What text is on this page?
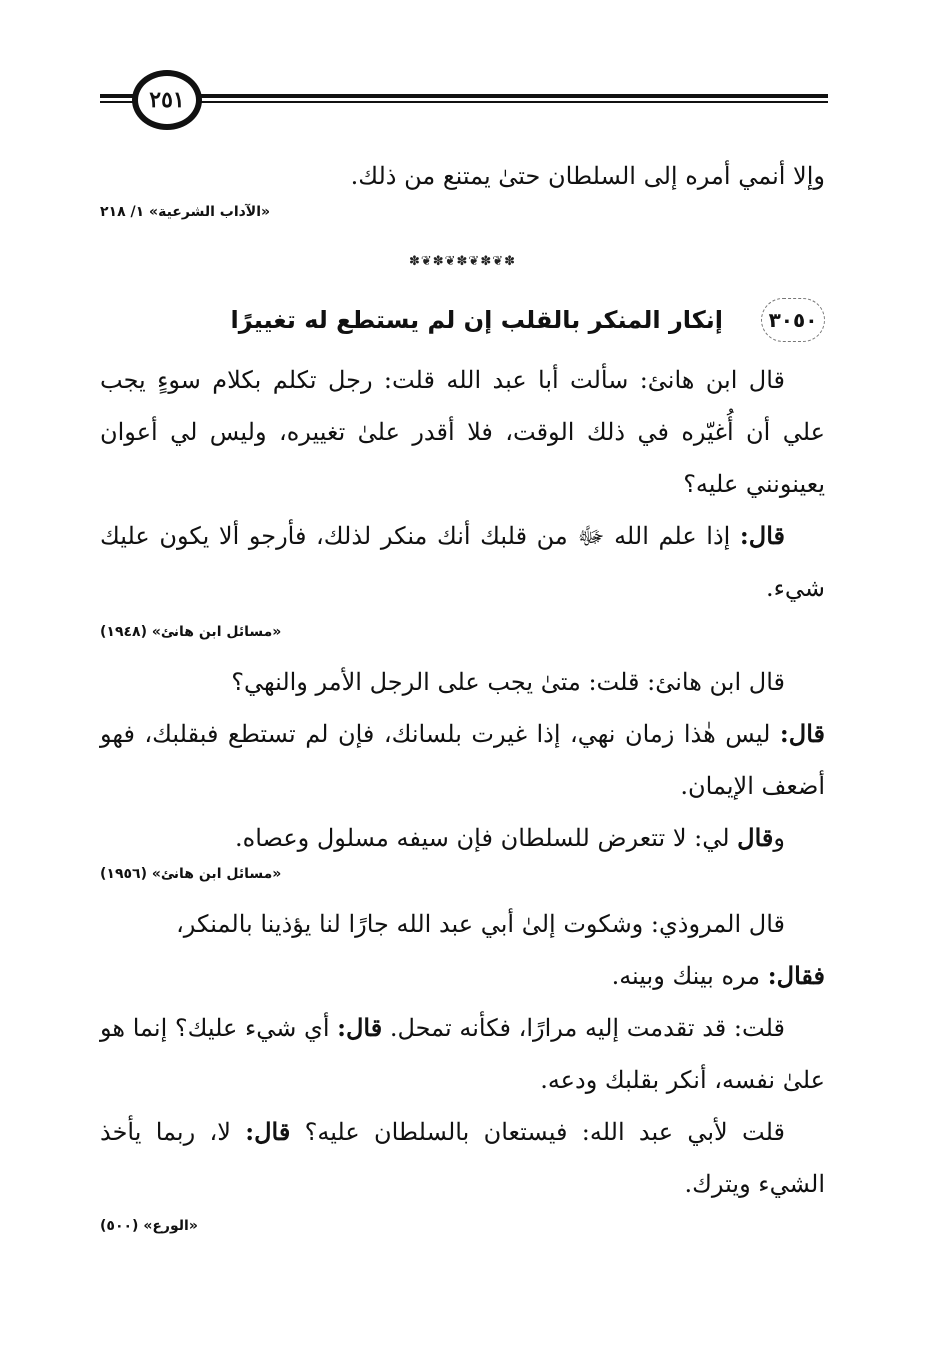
٢٥١

وإلا أنمي أمره إلى السلطان حتىٰ يمتنع من ذلك.

«الآداب الشرعية» ١/ ٢١٨
✽❦✽❦✽❦✽❦✽
٣٠٥٠
إنكار المنكر بالقلب إن لم يستطع له تغييرًا

قال ابن هانئ: سألت أبا عبد الله قلت: رجل تكلم بكلام سوءٍ يجب علي أن أُغيّره في ذلك الوقت، فلا أقدر علىٰ تغييره، وليس لي أعوان يعينونني عليه؟

قال: إذا علم الله ﷻ من قلبك أنك منكر لذلك، فأرجو ألا يكون عليك شيء.

«مسائل ابن هانئ» (١٩٤٨)

قال ابن هانئ: قلت: متىٰ يجب على الرجل الأمر والنهي؟

قال: ليس هٰذا زمان نهي، إذا غيرت بلسانك، فإن لم تستطع فبقلبك، فهو أضعف الإيمان.

وقال لي: لا تتعرض للسلطان فإن سيفه مسلول وعصاه.

«مسائل ابن هانئ» (١٩٥٦)

قال المروذي: وشكوت إلىٰ أبي عبد الله جارًا لنا يؤذينا بالمنكر،

فقال: مره بينك وبينه.

قلت: قد تقدمت إليه مرارًا، فكأنه تمحل. قال: أي شيء عليك؟ إنما هو علىٰ نفسه، أنكر بقلبك ودعه.

قلت لأبي عبد الله: فيستعان بالسلطان عليه؟ قال: لا، ربما يأخذ الشيء ويترك.

«الورع» (٥٠٠)
